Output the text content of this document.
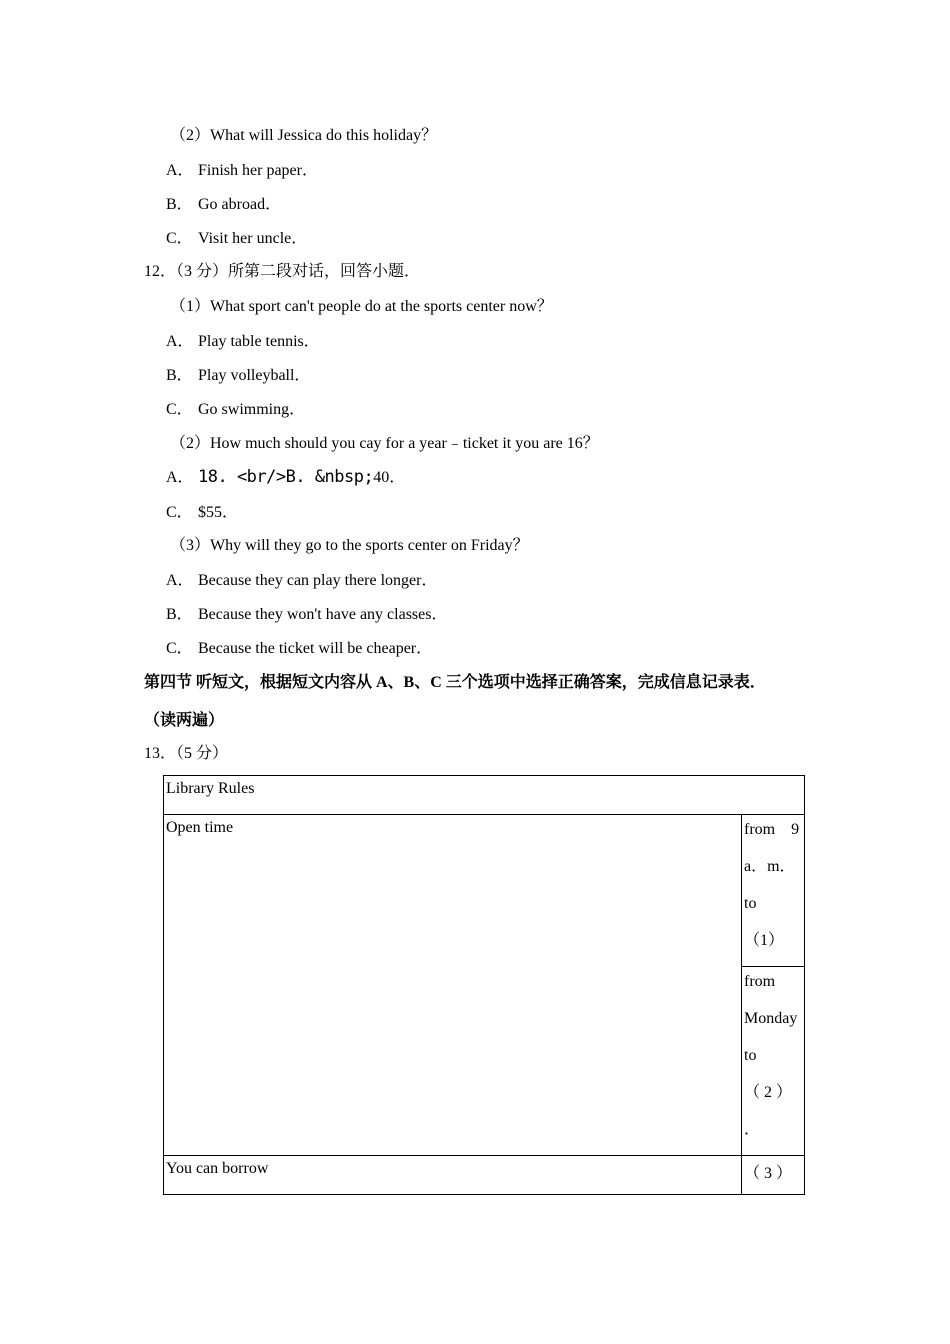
（2）What will Jessica do this holiday？
A． Finish her paper．
B． Go abroad．
C． Visit her uncle．
12．（3 分）所第二段对话，回答小题．
（1）What sport can't people do at the sports center now？
A． Play table tennis．
B． Play volleyball．
C． Go swimming．
（2）How much should you cay for a year﹣ticket it you are 16？
A． 18. <br/>B. &nbsp;40．
C． $55．
（3）Why will they go to the sports center on Friday？
A． Because they can play there longer．
B． Because they won't have any classes．
C． Because the ticket will be cheaper．
第四节 听短文，根据短文内容从 A、B、C 三个选项中选择正确答案，完成信息记录表．
（读两遍）
13．（5 分）
Library Rules	
Open time	from　9
a．m．
to
（1）

	from
Monday
to
（ 2 ）
．

You can borrow	（ 3 ）
